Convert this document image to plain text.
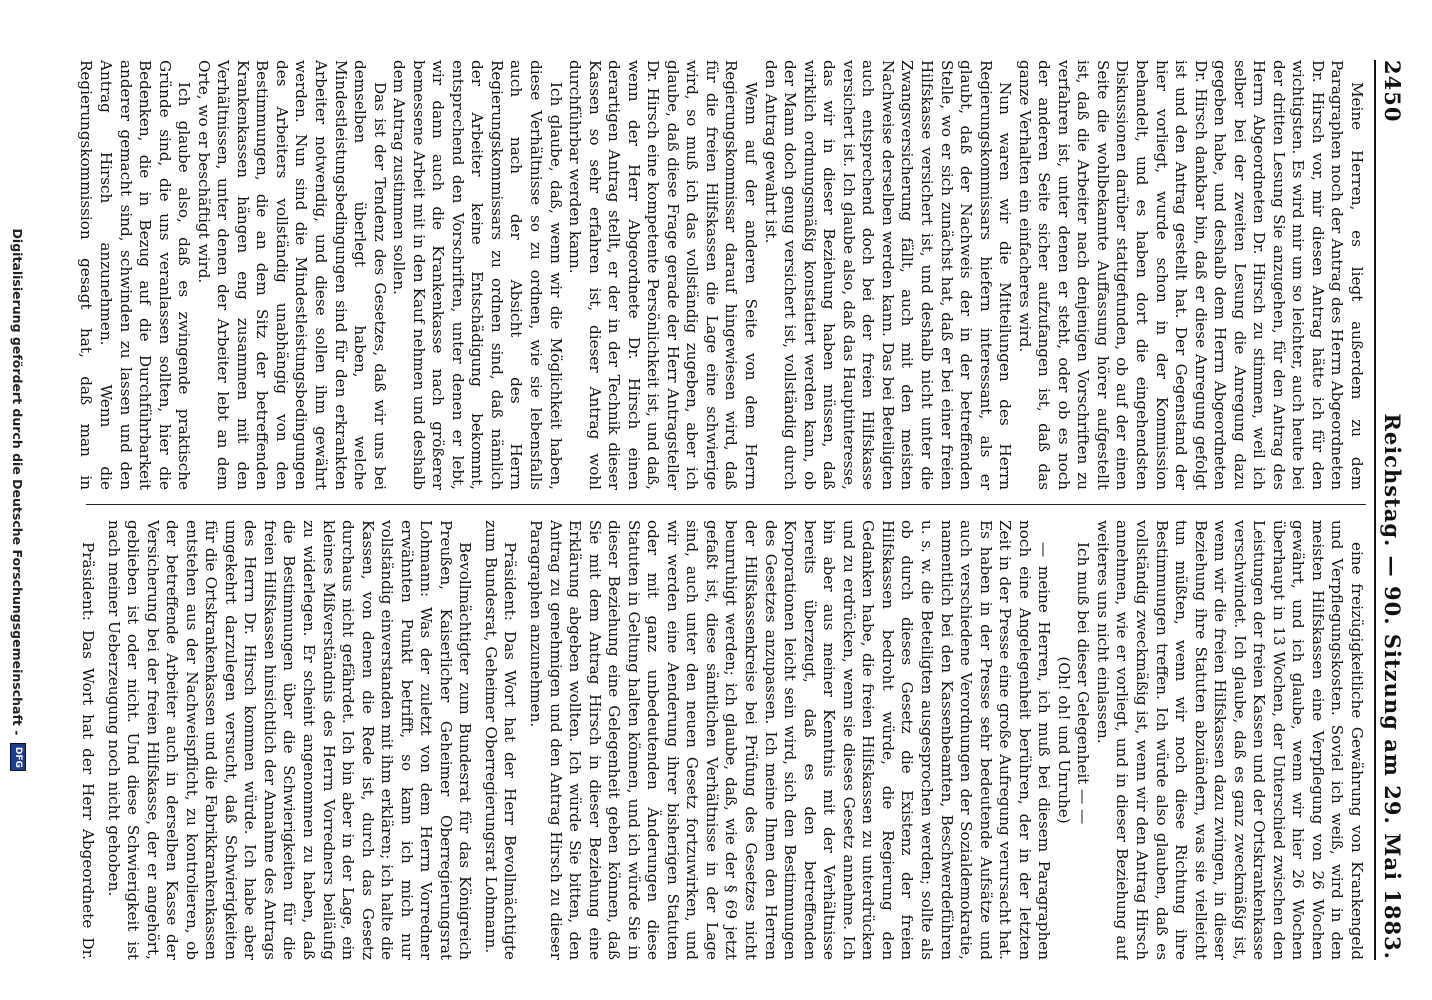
2450
Reichstag. — 90. Sitzung am 29. Mai 1883.

Meine Herren, es liegt außerdem zu dem Paragraphen noch der Antrag des Herrn Abgeordneten Dr. Hirsch vor, mir diesen Antrag hätte ich für den wichtigsten. Es wird mir um so leichter, auch heute bei der dritten Lesung Sie anzugehen, für den Antrag des Herrn Abgeordneten Dr. Hirsch zu stimmen, weil ich selber bei der zweiten Lesung die Anregung dazu gegeben habe, und deshalb dem Herrn Abgeordneten Dr. Hirsch dankbar bin, daß er diese Anregung gefolgt ist und den Antrag gestellt hat. Der Gegenstand der hier vorliegt, wurde schon in der Kommission behandelt, und es haben dort die eingehendsten Diskussionen darüber stattgefunden, ob auf der einen Seite die wohlbekannte Auffassung hörer aufgestellt ist, daß die Arbeiter nach denjenigen Vorschriften zu verfahren ist, unter denen er steht, oder ob es noch der anderen Seite sicher aufzufangen ist, daß das ganze Verhalten ein einfacheres wird.

Nun waren wir die Mitteilungen des Herrn Regierungskommissars hiefern interessant, als er glaubt, daß der Nachweis der in der betreffenden Stelle, wo er sich zunächst hat, daß er bei einer freien Hilfskasse versichert ist, und deshalb nicht unter die Zwangsversicherung fällt, auch mit den meisten Nachweise derselben werden kann. Das bei Beteiligten auch entsprechend doch bei der freien Hilfskasse versichert ist. Ich glaube also, daß das Hauptinteresse, das wir in dieser Beziehung haben müssen, daß wirklich ordnungsmäßig konstatiert werden kann, ob der Mann doch genug versichert ist, vollständig durch den Antrag gewahrt ist.

Wenn auf der anderen Seite von dem Herrn Regierungskommissar darauf hingewiesen wird, daß für die freien Hilfskassen die Lage eine schwierige wird, so muß ich das vollständig zugeben, aber ich glaube, daß diese Frage gerade der Herr Antragsteller Dr. Hirsch eine kompetente Persönlichkeit ist, und daß, wenn der Herr Abgeordnete Dr. Hirsch einen derartigen Antrag stellt, er der in der Technik dieser Kassen so sehr erfahren ist, dieser Antrag wohl durchführbar werden kann.

Ich glaube, daß, wenn wir die Möglichkeit haben, diese Verhältnisse so zu ordnen, wie sie lebensfalls auch nach der Absicht des Herrn Regierungskommissars zu ordnen sind, daß nämlich der Arbeiter keine Entschädigung bekommt, entsprechend den Vorschriften, unter denen er lebt, wir dann auch die Krankenkasse nach größerer bemessene Arbeit mit in den Kauf nehmen und deshalb dem Antrag zustimmen sollen.

Das ist der Tendenz des Gesetzes, daß wir uns bei demselben überlegt haben, welche Mindestleistungsbedingungen sind für den erkrankten Arbeiter notwendig, und diese sollen ihm gewährt werden. Nun sind die Mindestleistungsbedingungen des Arbeiters vollständig unabhängig von den Bestimmungen, die an dem Sitz der betreffenden Krankenkassen hängen eng zusammen mit den Verhältnissen, unter denen der Arbeiter lebt an dem Orte, wo er beschäftigt wird.

Ich glaube also, daß es zwingende praktische Gründe sind, die uns veranlassen sollten, hier die Bedenken, die in Bezug auf die Durchführbarkeit anderer gemacht sind, schwinden zu lassen und den Antrag Hirsch anzunehmen. Wenn die Regierungskommission gesagt hat, daß man in

eine freizügigkeitliche Gewährung von Krankengeld und Verpflegungskosten. Soviel ich weiß, wird in den meisten Hilfskassen eine Verpflegung von 26 Wochen gewährt, und ich glaube, wenn wir hier 26 Wochen überhaupt in 13 Wochen, der Unterschied zwischen den Leistungen der freien Kassen und der Ortskrankenkasse verschwindet. Ich glaube, daß es ganz zweckmäßig ist, wenn wir die freien Hilfskassen dazu zwingen, in dieser Beziehung ihre Statuten abzuändern, was sie vielleicht tun müßten, wenn wir noch diese Richtung ihre Bestimmungen treffen. Ich würde also glauben, daß es vollständig zweckmäßig ist, wenn wir den Antrag Hirsch annehmen, wie er vorliegt, und in dieser Beziehung auf weiteres uns nicht einlassen.

Ich muß bei dieser Gelegenheit — —

(Oh! oh! und Unruhe)

— meine Herren, ich muß bei diesem Paragraphen noch eine Angelegenheit berühren, der in der letzten Zeit in der Presse eine große Aufregung verursacht hat. Es haben in der Presse sehr bedeutende Aufsätze und auch verschiedene Verordnungen der Sozialdemokratie, namentlich bei den Kassenbeamten, Beschwerdeführen u. s. w. die Beteiligten ausgesprochen werden; sollte als ob durch dieses Gesetz die Existenz der freien Hilfskassen bedroht würde, die Regierung den Gedanken habe, die freien Hilfskassen zu unterdrücken und zu erdrücken, wenn sie dieses Gesetz annehme. Ich bin aber aus meiner Kenntnis mit der Verhältnisse bereits überzeugt, daß es den betreffenden Korporationen leicht sein wird, sich den Bestimmungen des Gesetzes anzupassen. Ich meine Ihnen den Herren der Hilfskassenkreise bei Prüfung des Gesetzes nicht beunruhigt werden; ich glaube, daß, wie der § 69 jetzt gefaßt ist, diese sämtlichen Verhältnisse in der Lage sind, auch unter den neuen Gesetz fortzuwirken, und wir werden eine Aenderung ihrer bisherigen Statuten oder mit ganz unbedeutenden Änderungen diese Statuten in Geltung halten können, und ich würde Sie in dieser Beziehung eine Gelegenheit geben können, daß Sie mit dem Antrag Hirsch in dieser Beziehung eine Erklärung abgeben wollten. Ich würde Sie bitten, den Antrag zu genehmigen und den Antrag Hirsch zu dieser Paragraphen anzunehmen.

Präsident: Das Wort hat der Herr Bevollmächtigte zum Bundesrat, Geheimer Oberregierungsrat Lohmann.

Bevollmächtigter zum Bundesrat für das Königreich Preußen, Kaiserlicher Geheimer Oberregierungsrat Lohmann: Was der zuletzt von dem Herrn Vorredner erwähnten Punkt betrifft, so kann ich mich nur vollständig einverstanden mit ihm erklären; ich halte die Kassen, von denen die Rede ist, durch das Gesetz durchaus nicht gefährdet. Ich bin aber in der Lage, ein kleines Mißverständnis des Herrn Vorredners beiläufig zu widerlegen. Er scheint angenommen zu haben, daß die Bestimmungen über die Schwierigkeiten für die freien Hilfskassen hinsichtlich der Annahme des Antrags des Herrn Dr. Hirsch kommen würde. Ich habe aber umgekehrt darzulegen versucht, daß Schwierigkeiten für die Ortskrankenkassen und die Fabrikkrankenkassen entstehen aus der Nachweispflicht, zu kontrolieren, ob der betreffende Arbeiter auch in derselben Kasse der Versicherung bei der freien Hilfskasse, der er angehört, geblieben ist oder nicht. Und diese Schwierigkeit ist nach meiner Ueberzeugung noch nicht gehoben.

Präsident: Das Wort hat der Herr Abgeordnete Dr.

Digitalisierung gefördert durch die Deutsche Forschungsgemeinschaft -
DFG
